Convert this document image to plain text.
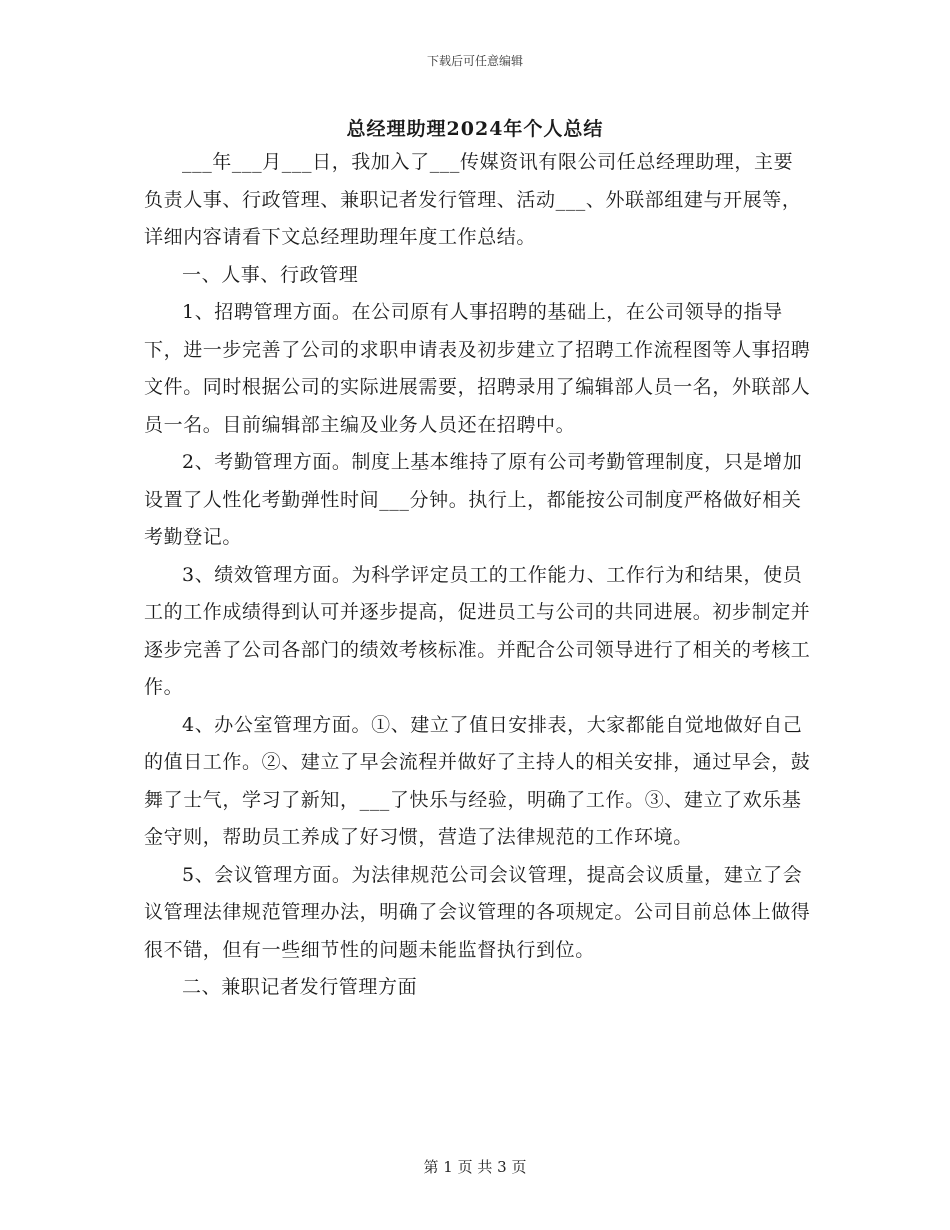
下载后可任意编辑
总经理助理2024年个人总结

___年___月___日，我加入了___传媒资讯有限公司任总经理助理，主要负责人事、行政管理、兼职记者发行管理、活动___、外联部组建与开展等，详细内容请看下文总经理助理年度工作总结。

一、人事、行政管理

1、招聘管理方面。在公司原有人事招聘的基础上，在公司领导的指导下，进一步完善了公司的求职申请表及初步建立了招聘工作流程图等人事招聘文件。同时根据公司的实际进展需要，招聘录用了编辑部人员一名，外联部人员一名。目前编辑部主编及业务人员还在招聘中。

2、考勤管理方面。制度上基本维持了原有公司考勤管理制度，只是增加设置了人性化考勤弹性时间___分钟。执行上，都能按公司制度严格做好相关考勤登记。

3、绩效管理方面。为科学评定员工的工作能力、工作行为和结果，使员工的工作成绩得到认可并逐步提高，促进员工与公司的共同进展。初步制定并逐步完善了公司各部门的绩效考核标准。并配合公司领导进行了相关的考核工作。

4、办公室管理方面。①、建立了值日安排表，大家都能自觉地做好自己的值日工作。②、建立了早会流程并做好了主持人的相关安排，通过早会，鼓舞了士气，学习了新知，___了快乐与经验，明确了工作。③、建立了欢乐基金守则，帮助员工养成了好习惯，营造了法律规范的工作环境。

5、会议管理方面。为法律规范公司会议管理，提高会议质量，建立了会议管理法律规范管理办法，明确了会议管理的各项规定。公司目前总体上做得很不错，但有一些细节性的问题未能监督执行到位。

二、兼职记者发行管理方面

第 1 页 共 3 页
